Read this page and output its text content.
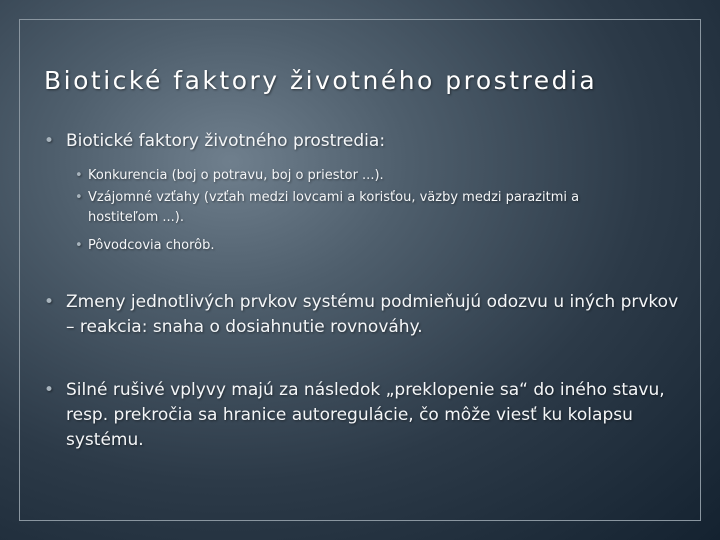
Biotické faktory životného prostredia

• Biotické faktory životného prostredia:

• Konkurencia (boj o potravu, boj o priestor ...).

• Vzájomné vzťahy (vzťah medzi lovcami a korisťou, väzby medzi parazitmi a hostiteľom ...).

• Pôvodcovia chorôb.

• Zmeny jednotlivých prvkov systému podmieňujú odozvu u iných prvkov – reakcia: snaha o dosiahnutie rovnováhy.

• Silné rušivé vplyvy majú za následok „preklopenie sa“ do iného stavu, resp. prekročia sa hranice autoregulácie, čo môže viesť ku kolapsu systému.
